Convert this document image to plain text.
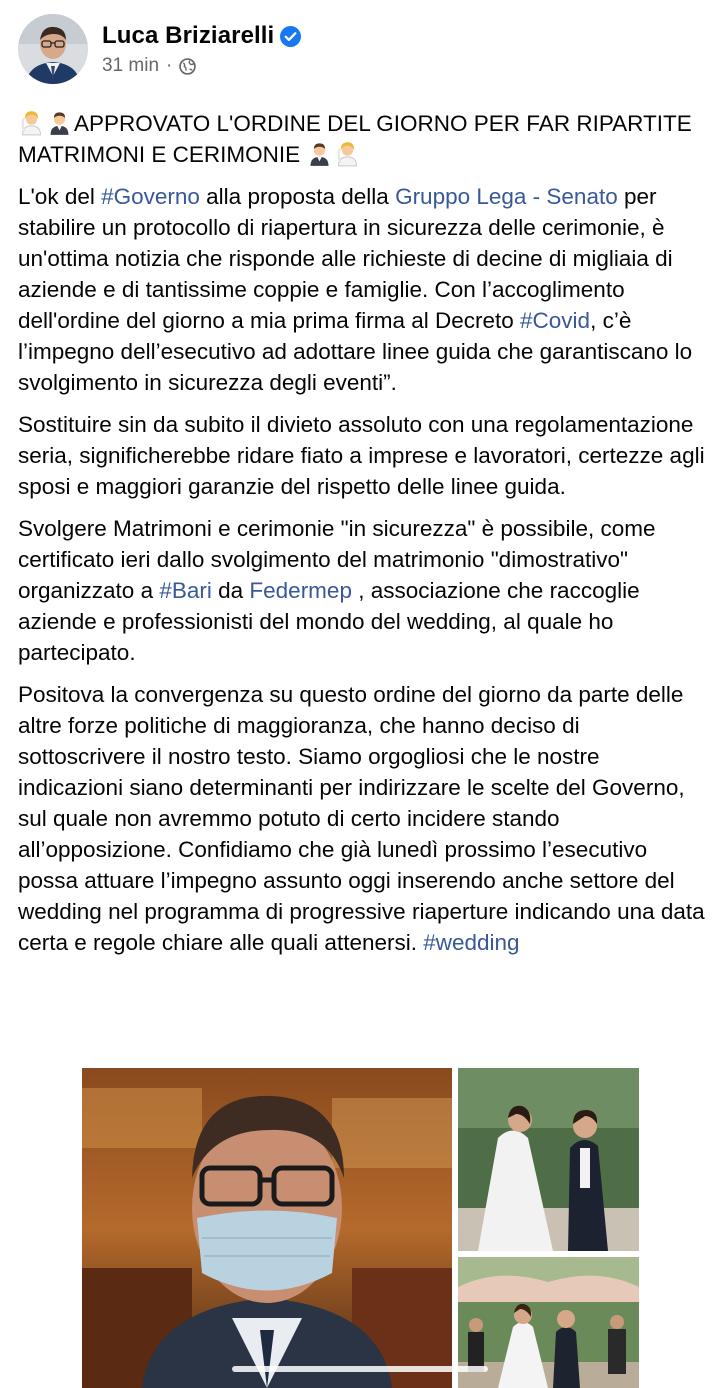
Luca Briziarelli
31 min ·

APPROVATO L'ORDINE DEL GIORNO PER FAR RIPARTITE MATRIMONI E CERIMONIE

L'ok del #Governo alla proposta della Gruppo Lega - Senato per stabilire un protocollo di riapertura in sicurezza delle cerimonie, è un'ottima notizia che risponde alle richieste di decine di migliaia di aziende e di tantissime coppie e famiglie. Con l’accoglimento dell'ordine del giorno a mia prima firma al Decreto #Covid, c’è l’impegno dell’esecutivo ad adottare linee guida che garantiscano lo svolgimento in sicurezza degli eventi”.

Sostituire sin da subito il divieto assoluto con una regolamentazione seria, significherebbe ridare fiato a imprese e lavoratori, certezze agli sposi e maggiori garanzie del rispetto delle linee guida.

Svolgere Matrimoni e cerimonie "in sicurezza" è possibile, come certificato ieri dallo svolgimento del matrimonio "dimostrativo" organizzato a #Bari da Federmep , associazione che raccoglie aziende e professionisti del mondo del wedding, al quale ho partecipato.

Positova la convergenza su questo ordine del giorno da parte delle altre forze politiche di maggioranza, che hanno deciso di sottoscrivere il nostro testo. Siamo orgogliosi che le nostre indicazioni siano determinanti per indirizzare le scelte del Governo, sul quale non avremmo potuto di certo incidere stando all’opposizione. Confidiamo che già lunedì prossimo l’esecutivo possa attuare l’impegno assunto oggi inserendo anche settore del wedding nel programma di progressive riaperture indicando una data certa e regole chiare alle quali attenersi. #wedding
